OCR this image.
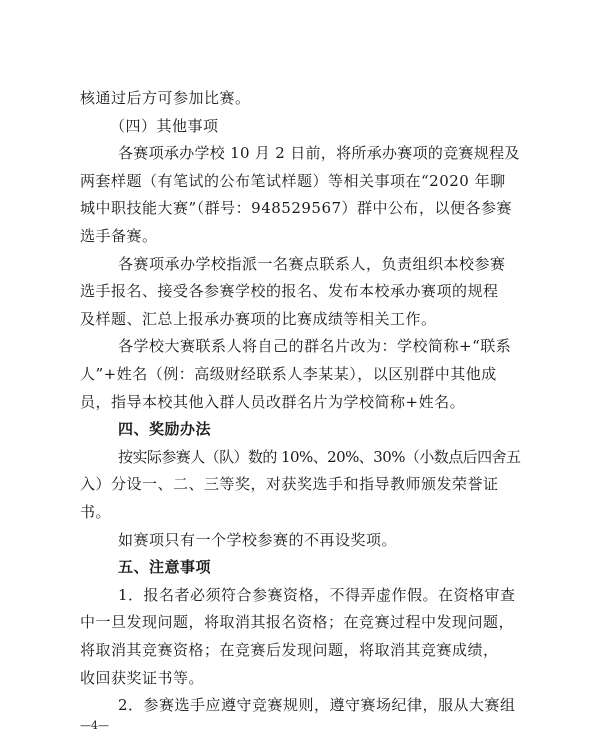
核通过后方可参加比赛。
（四）其他事项
各赛项承办学校 10 月 2 日前，将所承办赛项的竞赛规程及
两套样题（有笔试的公布笔试样题）等相关事项在“2020 年聊
城中职技能大赛”（群号：948529567）群中公布，以便各参赛
选手备赛。
各赛项承办学校指派一名赛点联系人，负责组织本校参赛
选手报名、接受各参赛学校的报名、发布本校承办赛项的规程
及样题、汇总上报承办赛项的比赛成绩等相关工作。
各学校大赛联系人将自己的群名片改为：学校简称+“联系
人”+姓名（例：高级财经联系人李某某），以区别群中其他成
员，指导本校其他入群人员改群名片为学校简称+姓名。
四、奖励办法
按实际参赛人（队）数的 10%、20%、30%（小数点后四舍五
入）分设一、二、三等奖，对获奖选手和指导教师颁发荣誉证
书。
如赛项只有一个学校参赛的不再设奖项。
五、注意事项
1．报名者必须符合参赛资格，不得弄虚作假。在资格审查
中一旦发现问题，将取消其报名资格；在竞赛过程中发现问题，
—4—
将取消其竞赛资格；在竞赛后发现问题，将取消其竞赛成绩，
收回获奖证书等。
2．参赛选手应遵守竞赛规则，遵守赛场纪律，服从大赛组
